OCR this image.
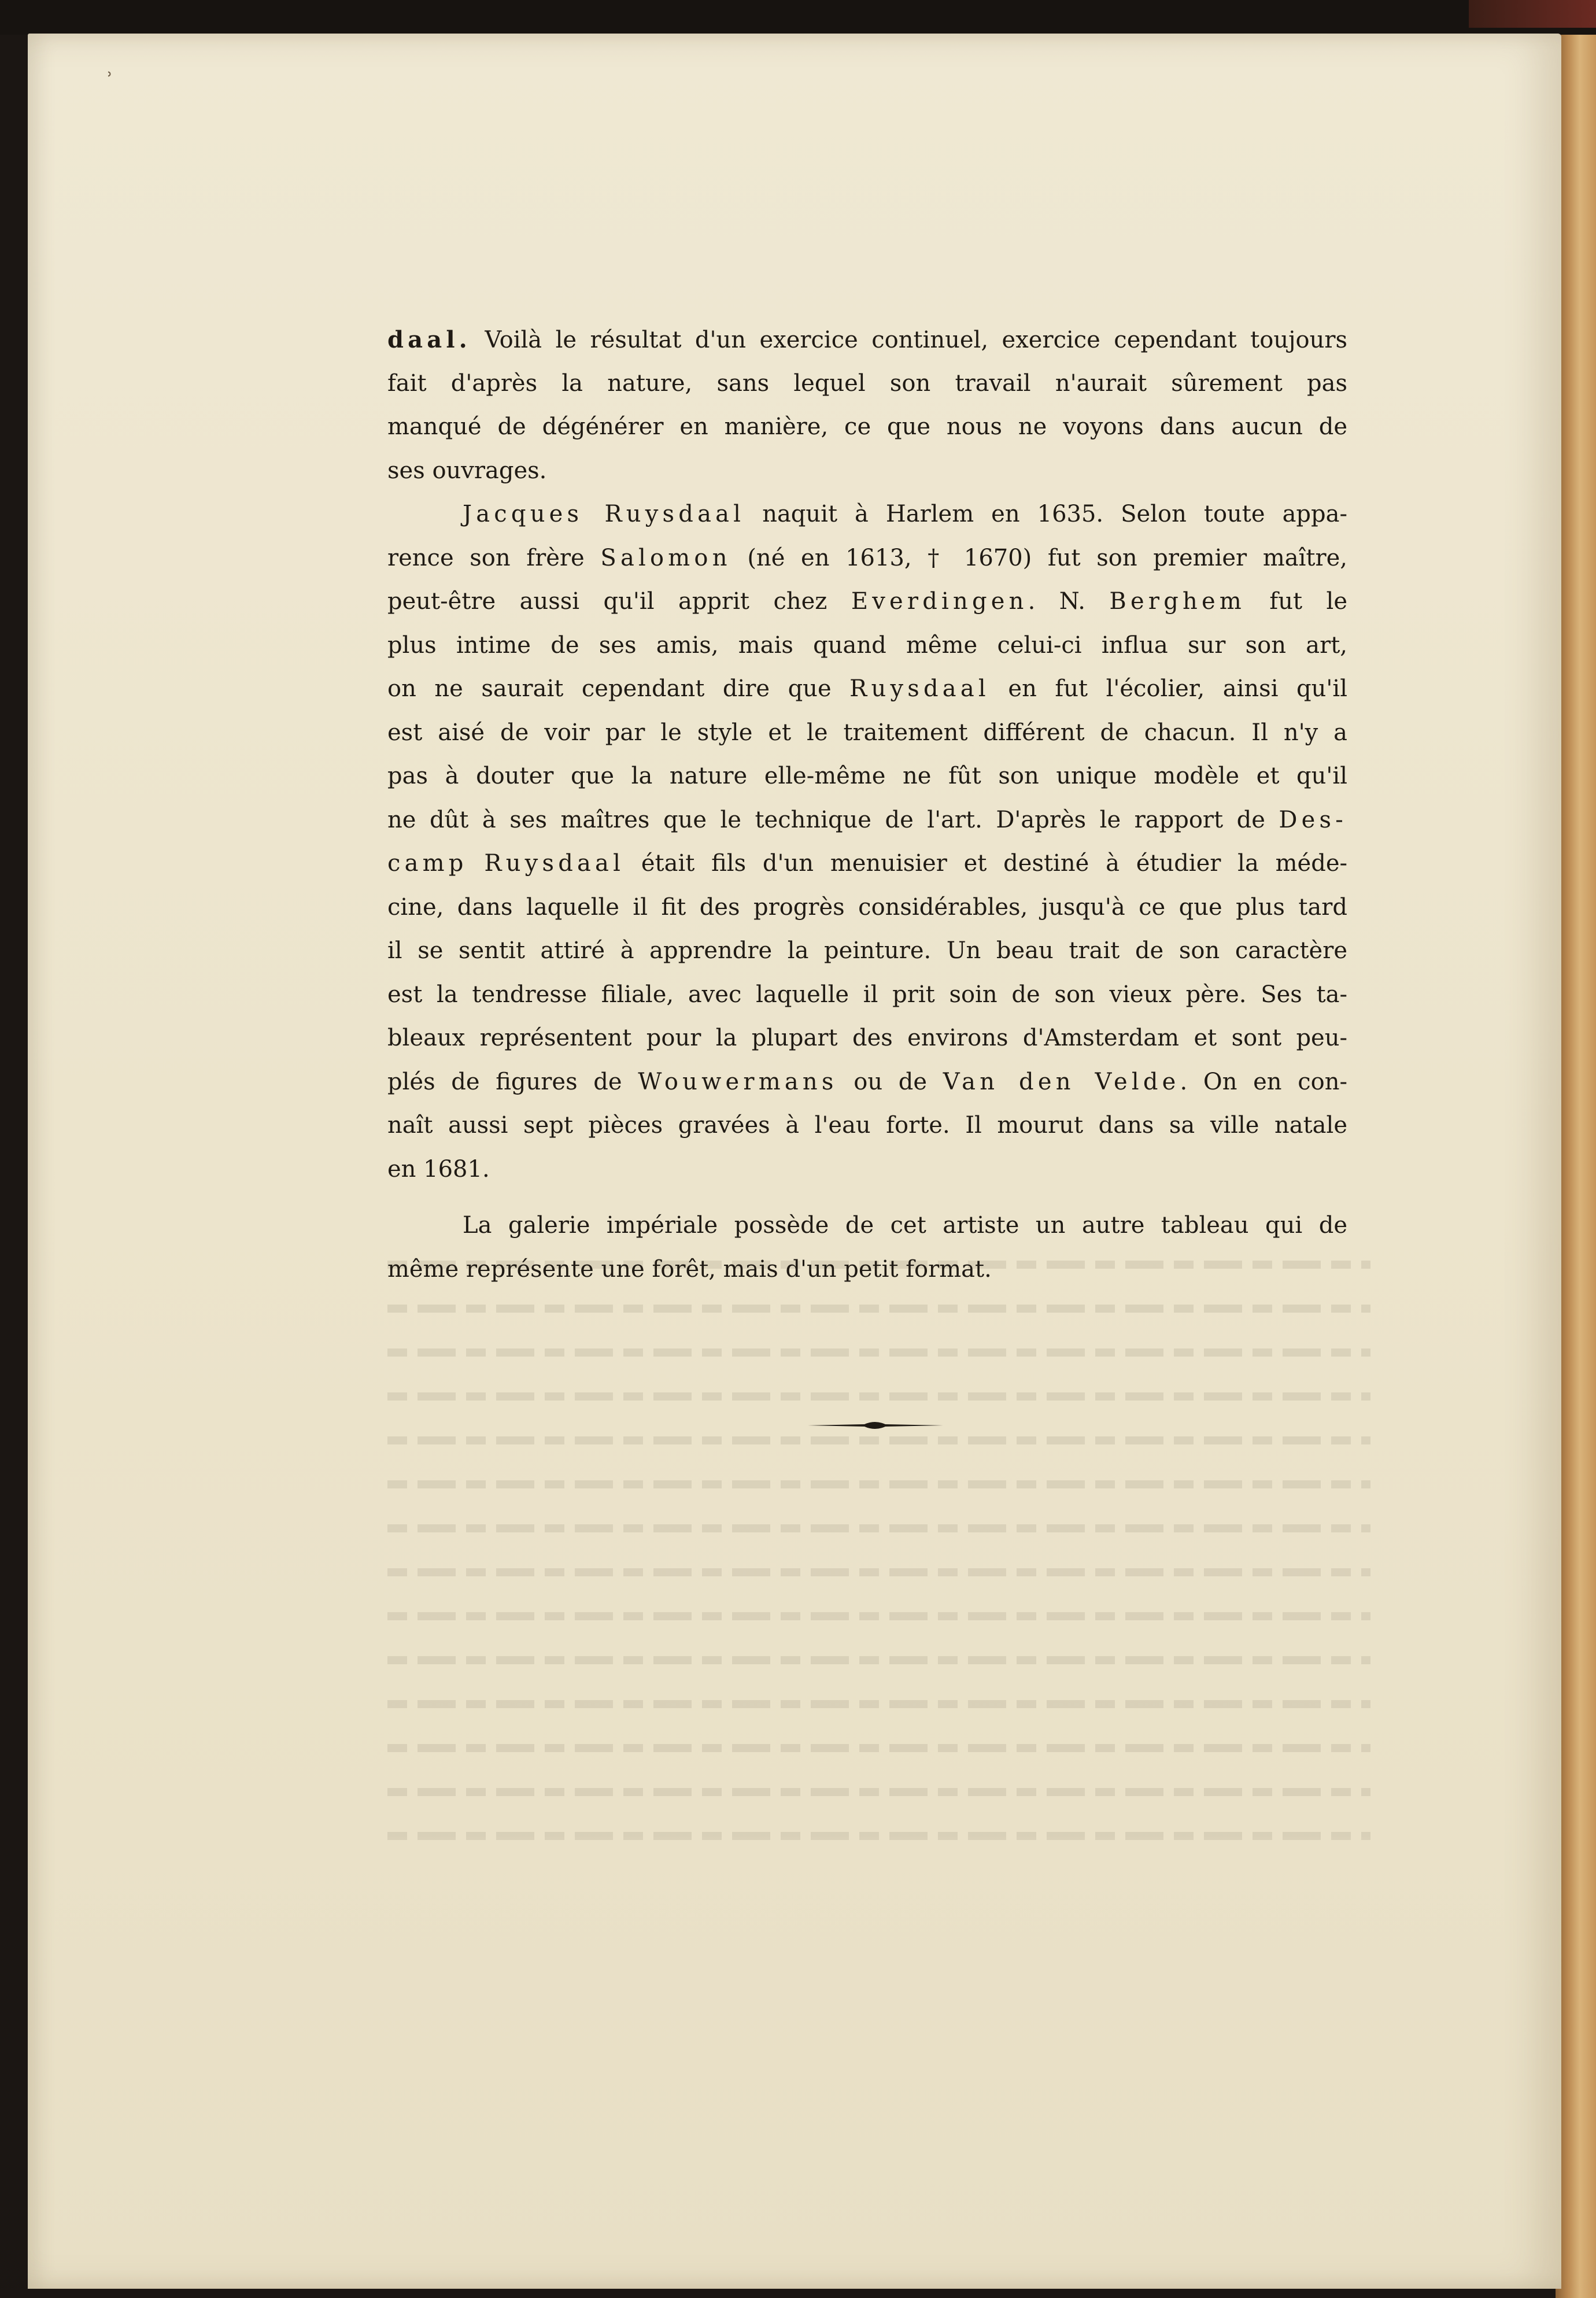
˒
daal. Voilà le résultat d'un exercice continuel, exercice cependant toujours
fait d'après la nature, sans lequel son travail n'aurait sûrement pas
manqué de dégénérer en manière, ce que nous ne voyons dans aucun de
ses ouvrages.
Jacques Ruysdaal naquit à Harlem en 1635. Selon toute appa-
rence son frère Salomon (né en 1613, † 1670) fut son premier maître,
peut-être aussi qu'il apprit chez Everdingen. N. Berghem fut le
plus intime de ses amis, mais quand même celui-ci influa sur son art,
on ne saurait cependant dire que Ruysdaal en fut l'écolier, ainsi qu'il
est aisé de voir par le style et le traitement différent de chacun. Il n'y a
pas à douter que la nature elle-même ne fût son unique modèle et qu'il
ne dût à ses maîtres que le technique de l'art. D'après le rapport de Des-
camp Ruysdaal était fils d'un menuisier et destiné à étudier la méde-
cine, dans laquelle il fit des progrès considérables, jusqu'à ce que plus tard
il se sentit attiré à apprendre la peinture. Un beau trait de son caractère
est la tendresse filiale, avec laquelle il prit soin de son vieux père. Ses ta-
bleaux représentent pour la plupart des environs d'Amsterdam et sont peu-
plés de figures de Wouwermans ou de Van den Velde. On en con-
naît aussi sept pièces gravées à l'eau forte. Il mourut dans sa ville natale
en 1681.
La galerie impériale possède de cet artiste un autre tableau qui de
même représente une forêt, mais d'un petit format.
